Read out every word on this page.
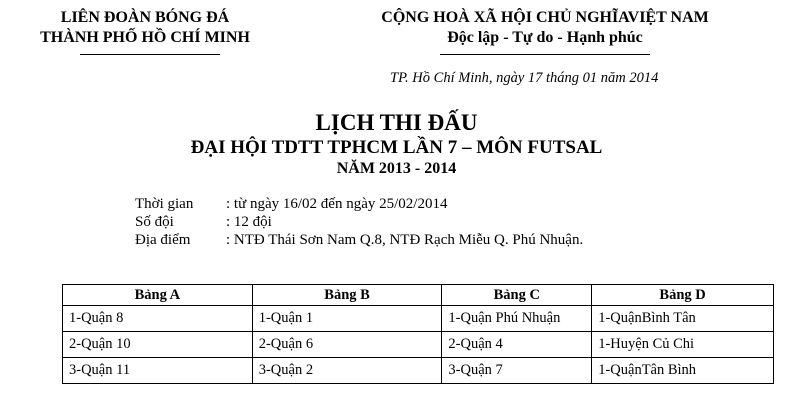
LIÊN ĐOÀN BÓNG ĐÁ
THÀNH PHỐ HỒ CHÍ MINH
CỘNG HOÀ XÃ HỘI CHỦ NGHĨAVIỆT NAM
Độc lập - Tự do - Hạnh phúc
TP. Hồ Chí Minh, ngày 17 tháng 01 năm 2014
LỊCH THI ĐẤU
ĐẠI HỘI TDTT TPHCM LẦN 7 – MÔN FUTSAL
NĂM 2013 - 2014
Thời gian : từ ngày 16/02 đến ngày 25/02/2014
Số đội	: 12 đội
Địa điểm : NTĐ Thái Sơn Nam Q.8, NTĐ Rạch Miễu Q. Phú Nhuận.
Bảng A	Bảng B	Bảng C	Bảng D
1-Quận 8	1-Quận 1	1-Quận Phú Nhuận	1-QuậnBình Tân
2-Quận 10	2-Quận 6	2-Quận 4	1-Huyện Củ Chi
3-Quận 11	3-Quận 2	3-Quận 7	1-QuậnTân Bình
